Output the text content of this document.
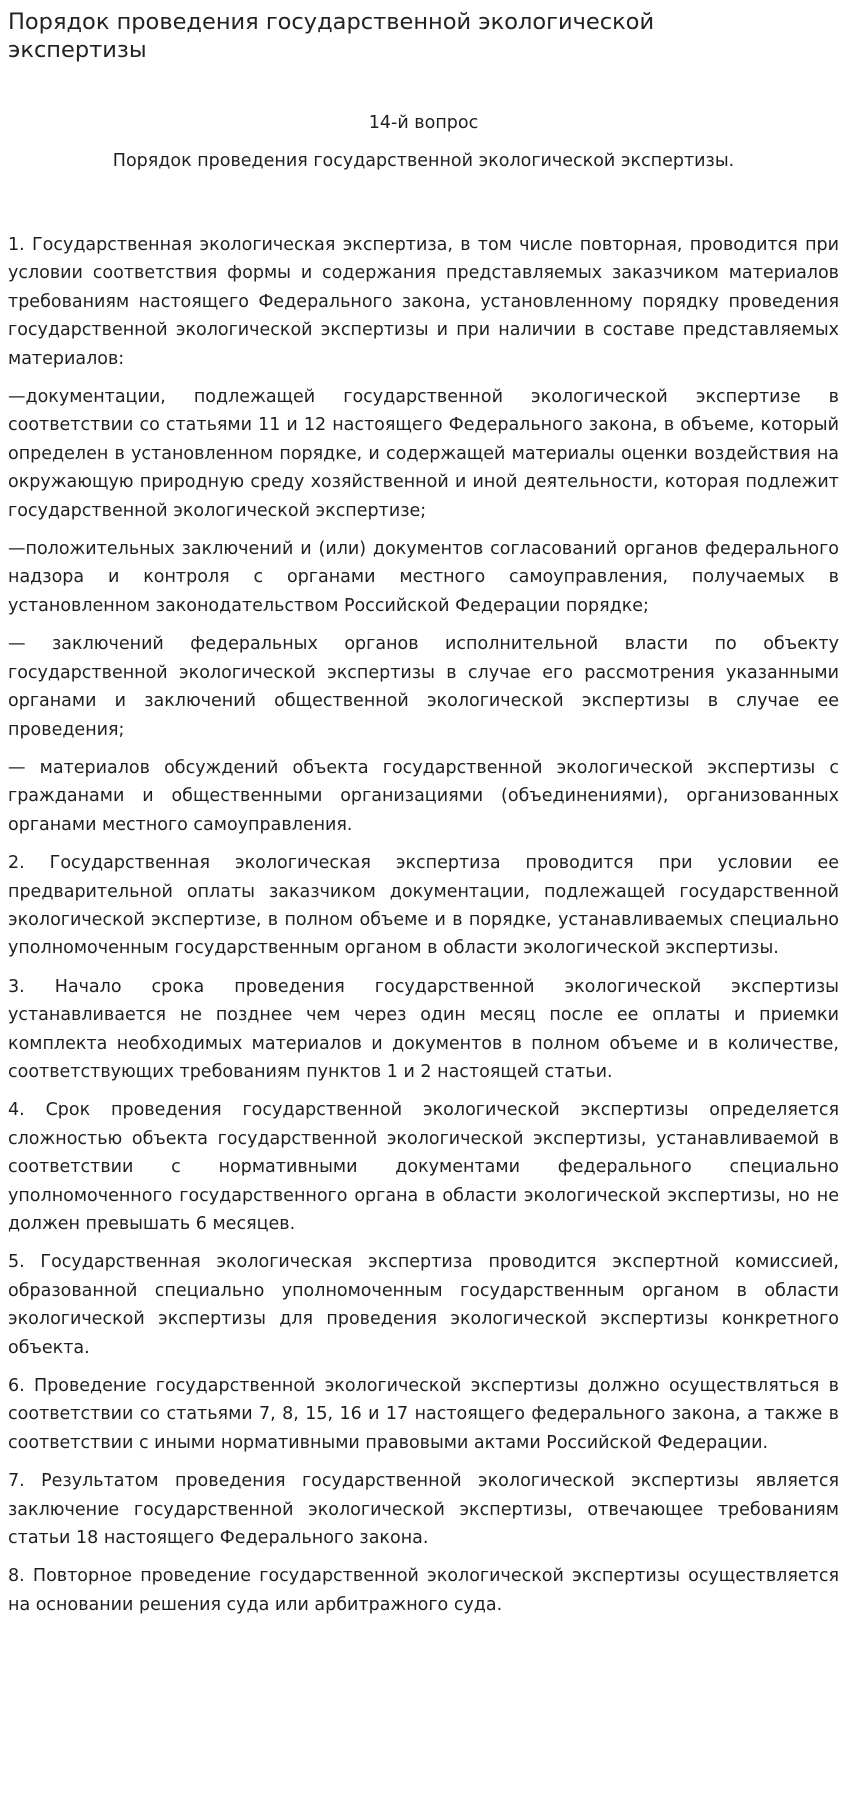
Порядок проведения государственной экологической экспертизы

14-й вопрос

Порядок проведения государственной экологической экспертизы.

1. Государственная экологическая экспертиза, в том числе повторная, проводится при условии соответствия формы и содержания представляемых заказчиком материалов требованиям настоящего Федерального закона, установленному порядку проведения государственной экологической экспертизы и при наличии в составе представляемых материалов:

—документации, подлежащей государственной экологической экспертизе в соответствии со статьями 11 и 12 настоящего Федерального закона, в объеме, который определен в установленном порядке, и содержащей материалы оценки воздействия на окружающую природную среду хозяйственной и иной деятельности, которая подлежит государственной экологической экспертизе;

—положительных заключений и (или) документов согласований органов федерального надзора и контроля с органами местного самоуправления, получаемых в установленном законодательством Российской Федерации порядке;

— заключений федеральных органов исполнительной власти по объекту государственной экологической экспертизы в случае его рассмотрения указанными органами и заключений общественной экологической экспертизы в случае ее проведения;

— материалов обсуждений объекта государственной экологической экспертизы с гражданами и общественными организациями (объединениями), организованных органами местного самоуправления.

2. Государственная экологическая экспертиза проводится при условии ее предварительной оплаты заказчиком документации, подлежащей государственной экологической экспертизе, в полном объеме и в порядке, устанавливаемых специально уполномоченным государственным органом в области экологической экспертизы.

3. Начало срока проведения государственной экологической экспертизы устанавливается не позднее чем через один месяц после ее оплаты и приемки комплекта необходимых материалов и документов в полном объеме и в количестве, соответствующих требованиям пунктов 1 и 2 настоящей статьи.

4. Срок проведения государственной экологической экспертизы определяется сложностью объекта государственной экологической экспертизы, устанавливаемой в соответствии с нормативными документами федерального специально уполномоченного государственного органа в области экологической экспертизы, но не должен превышать 6 месяцев.

5. Государственная экологическая экспертиза проводится экспертной комиссией, образованной специально уполномоченным государственным органом в области экологической экспертизы для проведения экологической экспертизы конкретного объекта.

6. Проведение государственной экологической экспертизы должно осуществляться в соответствии со статьями 7, 8, 15, 16 и 17 настоящего федерального закона, а также в соответствии с иными нормативными правовыми актами Российской Федерации.

7. Результатом проведения государственной экологической экспертизы является заключение государственной экологической экспертизы, отвечающее требованиям статьи 18 настоящего Федерального закона.

8. Повторное проведение государственной экологической экспертизы осуществляется на основании решения суда или арбитражного суда.
